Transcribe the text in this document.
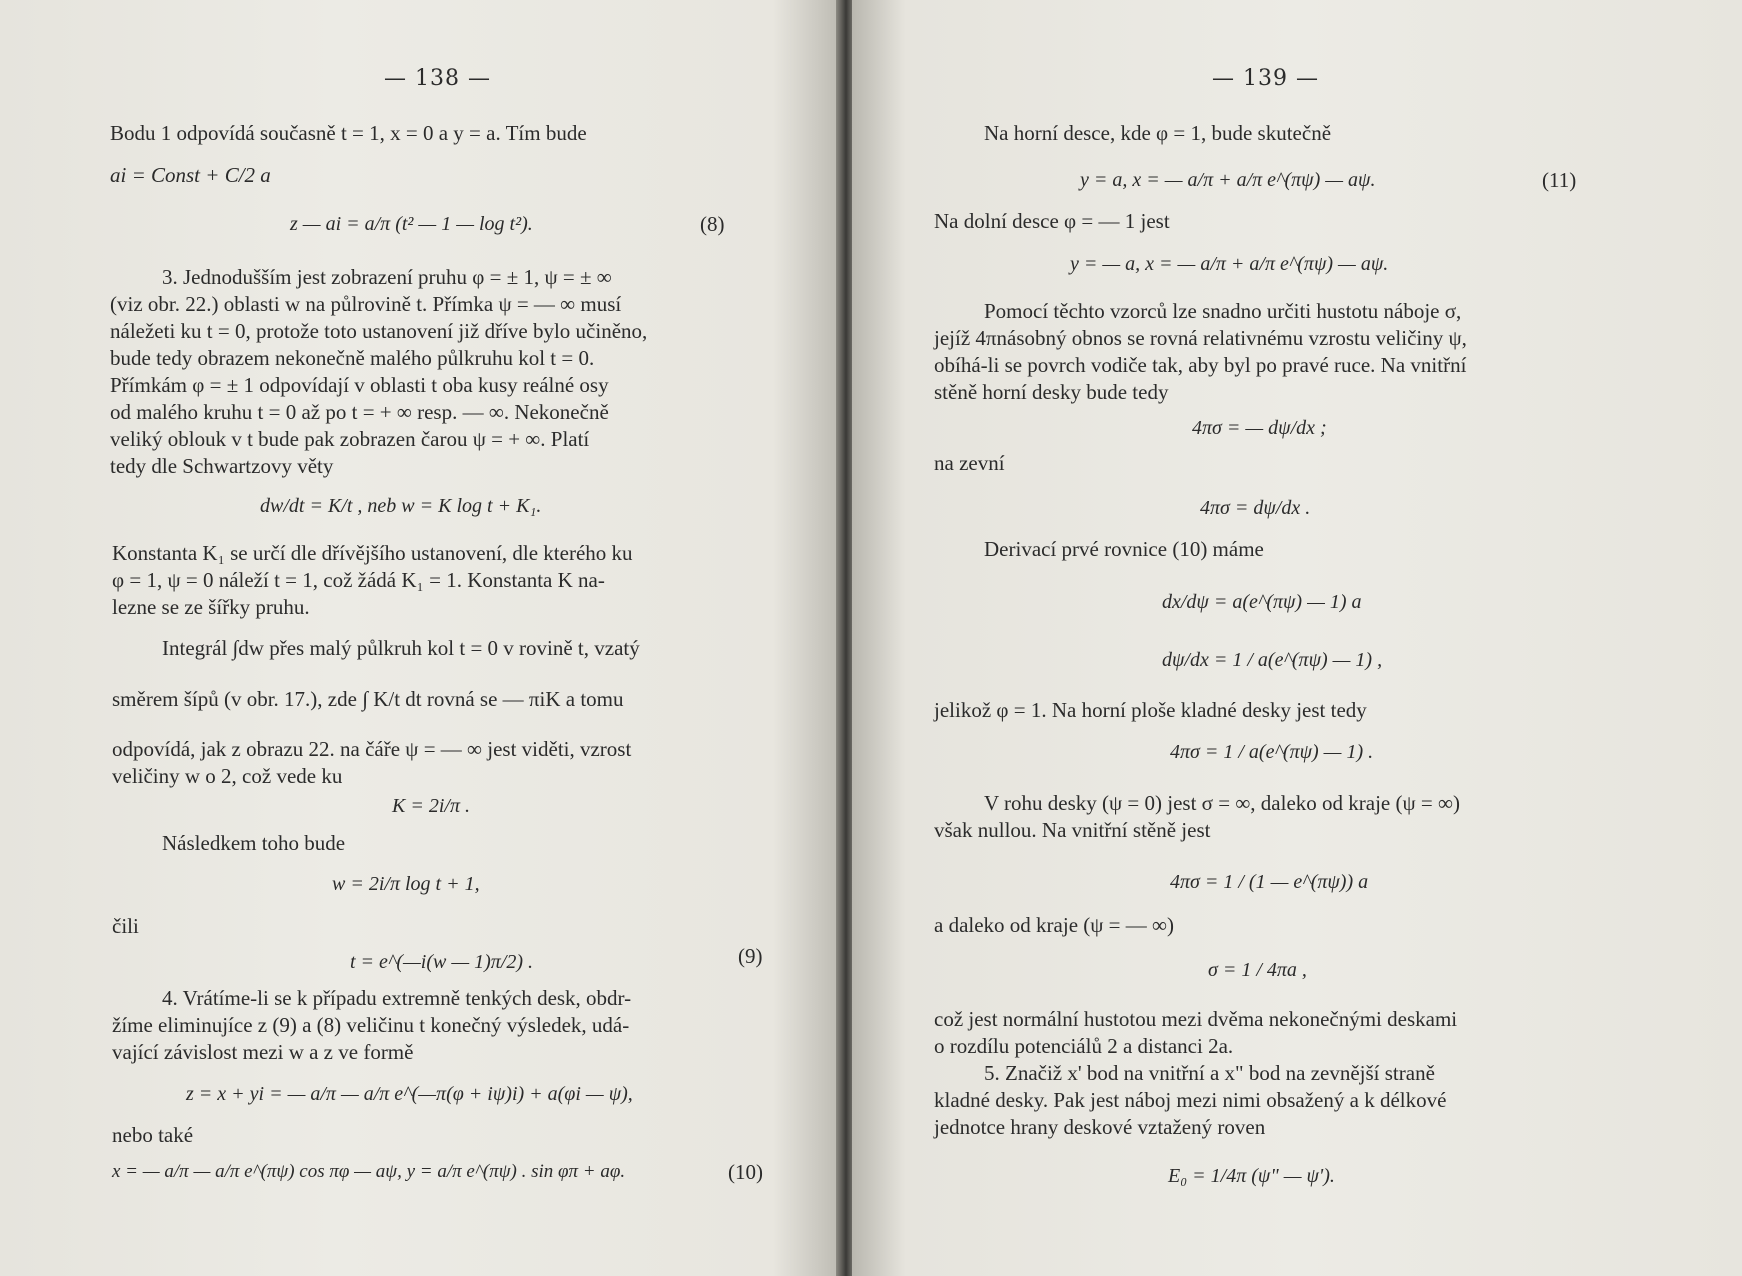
— 138 —
Bodu 1 odpovídá současně t = 1, x = 0 a y = a. Tím bude
ai = Const + C/2 a
z — ai = a/π (t² — 1 — log t²).	(8)
3. Jednodušším jest zobrazení pruhu φ = ± 1, ψ = ± ∞
(viz obr. 22.) oblasti w na půlrovině t. Přímka ψ = — ∞ musí
náležeti ku t = 0, protože toto ustanovení již dříve bylo učiněno,
bude tedy obrazem nekonečně malého půlkruhu kol t = 0.
Přímkám φ = ± 1 odpovídají v oblasti t oba kusy reálné osy
od malého kruhu t = 0 až po t = + ∞ resp. — ∞. Nekonečně
veliký oblouk v t bude pak zobrazen čarou ψ = + ∞. Platí
tedy dle Schwartzovy věty
dw/dt = K/t , neb w = K log t + K₁.
Konstanta K₁ se určí dle dřívějšího ustanovení, dle kterého ku
φ = 1, ψ = 0 náleží t = 1, což žádá K₁ = 1. Konstanta K na-
lezne se ze šířky pruhu.
Integrál ∫dw přes malý půlkruh kol t = 0 v rovině t, vzatý
směrem šípů (v obr. 17.), zde ∫ K/t dt rovná se — πiK a tomu
odpovídá, jak z obrazu 22. na čáře ψ = — ∞ jest viděti, vzrost
veličiny w o 2, což vede ku
K = 2i/π .
Následkem toho bude
w = 2i/π log t + 1,
čili
t = e^(—i(w — 1)π/2) .	(9)
4. Vrátíme-li se k případu extremně tenkých desk, obdr-
žíme eliminujíce z (9) a (8) veličinu t konečný výsledek, udá-
vající závislost mezi w a z ve formě
z = x + yi = — a/π — a/π e^(—π(φ + iψ)i) + a(φi — ψ),
nebo také
x = — a/π — a/π e^(πψ) cos πφ — aψ, y = a/π e^(πψ) . sin φπ + aφ.	(10)
— 139 —
Na horní desce, kde φ = 1, bude skutečně
y = a, x = — a/π + a/π e^(πψ) — aψ.	(11)
Na dolní desce φ = — 1 jest
y = — a, x = — a/π + a/π e^(πψ) — aψ.
Pomocí těchto vzorců lze snadno určiti hustotu náboje σ,
jejíž 4πnásobný obnos se rovná relativnému vzrostu veličiny ψ,
obíhá-li se povrch vodiče tak, aby byl po pravé ruce. Na vnitřní
stěně horní desky bude tedy
4πσ = — dψ/dx ;
na zevní
4πσ = dψ/dx .
Derivací prvé rovnice (10) máme
dx/dψ = a(e^(πψ) — 1) a
dψ/dx = 1 / a(e^(πψ) — 1) ,
jelikož φ = 1. Na horní ploše kladné desky jest tedy
4πσ = 1 / a(e^(πψ) — 1) .
V rohu desky (ψ = 0) jest σ = ∞, daleko od kraje (ψ = ∞)
však nullou. Na vnitřní stěně jest
4πσ = 1 / (1 — e^(πψ)) a
a daleko od kraje (ψ = — ∞)
σ = 1 / 4πa ,
což jest normální hustotou mezi dvěma nekonečnými deskami
o rozdílu potenciálů 2 a distanci 2a.
5. Značiž x' bod na vnitřní a x" bod na zevnější straně
kladné desky. Pak jest náboj mezi nimi obsažený a k délkové
jednotce hrany deskové vztažený roven
E₀ = 1/4π (ψ" — ψ').
